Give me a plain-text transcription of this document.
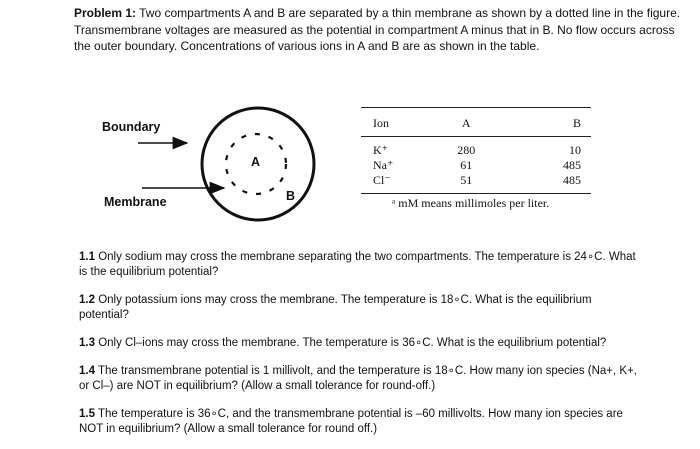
Problem 1: Two compartments A and B are separated by a thin membrane as shown by a dotted line in the figure. Transmembrane voltages are measured as the potential in compartment A minus that in B. No flow occurs across the outer boundary. Concentrations of various ions in A and B are as shown in the table.

Boundary
Membrane
A
B
Ion	A	B
K⁺	280	10
Na⁺	61	485
Cl⁻	51	485
ᵃ mM means millimoles per liter.

1.1 Only sodium may cross the membrane separating the two compartments. The temperature is 24∘C. What is the equilibrium potential?

1.2 Only potassium ions may cross the membrane. The temperature is 18∘C. What is the equilibrium potential?

1.3 Only Cl–ions may cross the membrane. The temperature is 36∘C. What is the equilibrium potential?

1.4 The transmembrane potential is 1 millivolt, and the temperature is 18∘C. How many ion species (Na+, K+, or Cl–) are NOT in equilibrium? (Allow a small tolerance for round-off.)

1.5 The temperature is 36∘C, and the transmembrane potential is –60 millivolts. How many ion species are NOT in equilibrium? (Allow a small tolerance for round off.)
